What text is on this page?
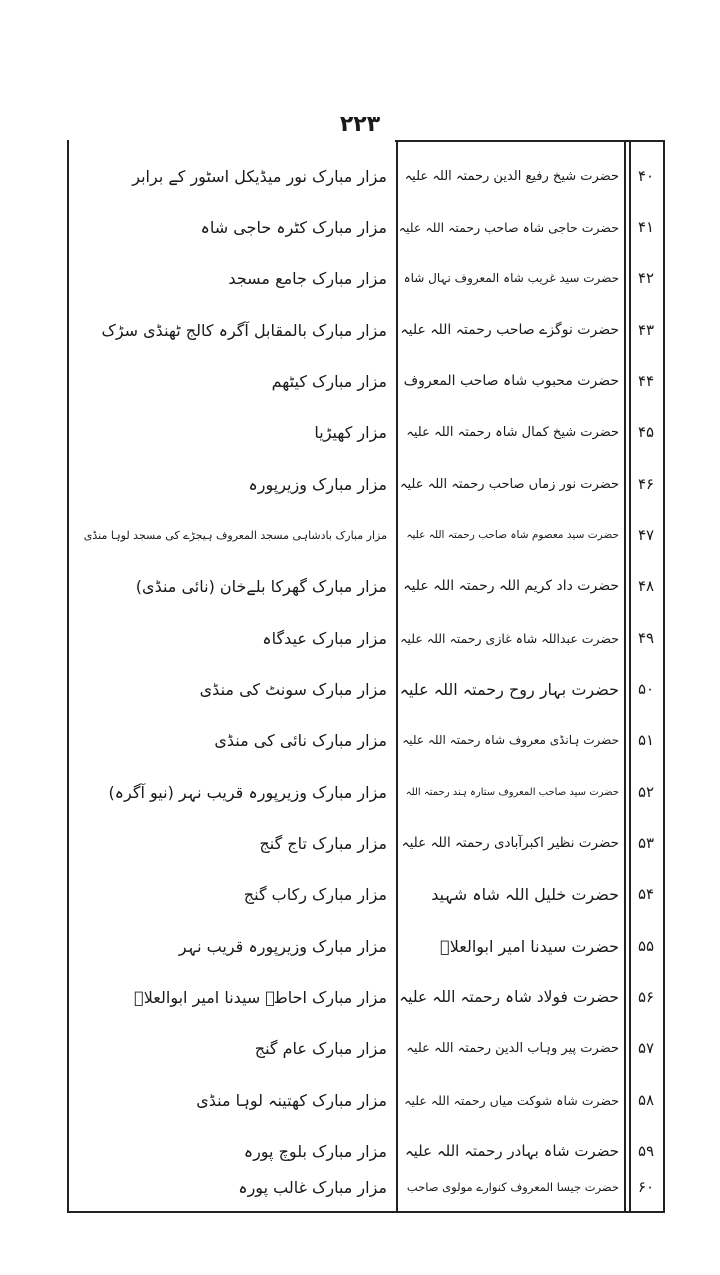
۲۲۳
۴۰
حضرت شیخ رفیع الدین رحمتہ اللہ علیہ
مزار مبارک نور میڈیکل اسٹور کے برابر
۴۱
حضرت حاجی شاہ صاحب رحمتہ اللہ علیہ
مزار مبارک کٹرہ حاجی شاہ
۴۲
حضرت سید غریب شاہ المعروف نہال شاہ
مزار مبارک جامع مسجد
۴۳
حضرت نوگزے صاحب رحمتہ اللہ علیہ
مزار مبارک بالمقابل آگرہ کالج ٹھنڈی سڑک
۴۴
حضرت محبوب شاہ صاحب المعروف
مزار مبارک کیٹھم
۴۵
حضرت شیخ کمال شاہ رحمتہ اللہ علیہ
مزار کھیڑیا
۴۶
حضرت نور زماں صاحب رحمتہ اللہ علیہ
مزار مبارک وزیرپورہ
۴۷
حضرت سید معصوم شاہ صاحب رحمتہ اللہ علیہ
مزار مبارک بادشاہی مسجد المعروف ہیجڑے کی مسجد لوہا منڈی
۴۸
حضرت داد کریم اللہ رحمتہ اللہ علیہ
مزار مبارک گھرکا بلےخان (نائی منڈی)
۴۹
حضرت عبداللہ شاہ غازی رحمتہ اللہ علیہ
مزار مبارک عیدگاہ
۵۰
حضرت بہار روح رحمتہ اللہ علیہ
مزار مبارک سونٹ کی منڈی
۵۱
حضرت ہانڈی معروف شاہ رحمتہ اللہ علیہ
مزار مبارک نائی کی منڈی
۵۲
حضرت سید صاحب المعروف ستارہ ہند رحمتہ اللہ
مزار مبارک وزیرپورہ قریب نہر (نیو آگرہ)
۵۳
حضرت نظیر اکبرآبادی رحمتہ اللہ علیہ
مزار مبارک تاج گنج
۵۴
حضرت خلیل اللہ شاہ شہید
مزار مبارک رکاب گنج
۵۵
حضرت سیدنا امیر ابوالعلاؒ
مزار مبارک وزیرپورہ قریب نہر
۵۶
حضرت فولاد شاہ رحمتہ اللہ علیہ
مزار مبارک احاطہ سیدنا امیر ابوالعلاؒ
۵۷
حضرت پیر وہاب الدین رحمتہ اللہ علیہ
مزار مبارک عام گنج
۵۸
حضرت شاہ شوکت میاں رحمتہ اللہ علیہ
مزار مبارک کھتینہ لوہا منڈی
۵۹
حضرت شاہ بہادر رحمتہ اللہ علیہ
مزار مبارک بلوچ پورہ
۶۰
حضرت جیسا المعروف کنوارے مولوی صاحب
مزار مبارک غالب پورہ
